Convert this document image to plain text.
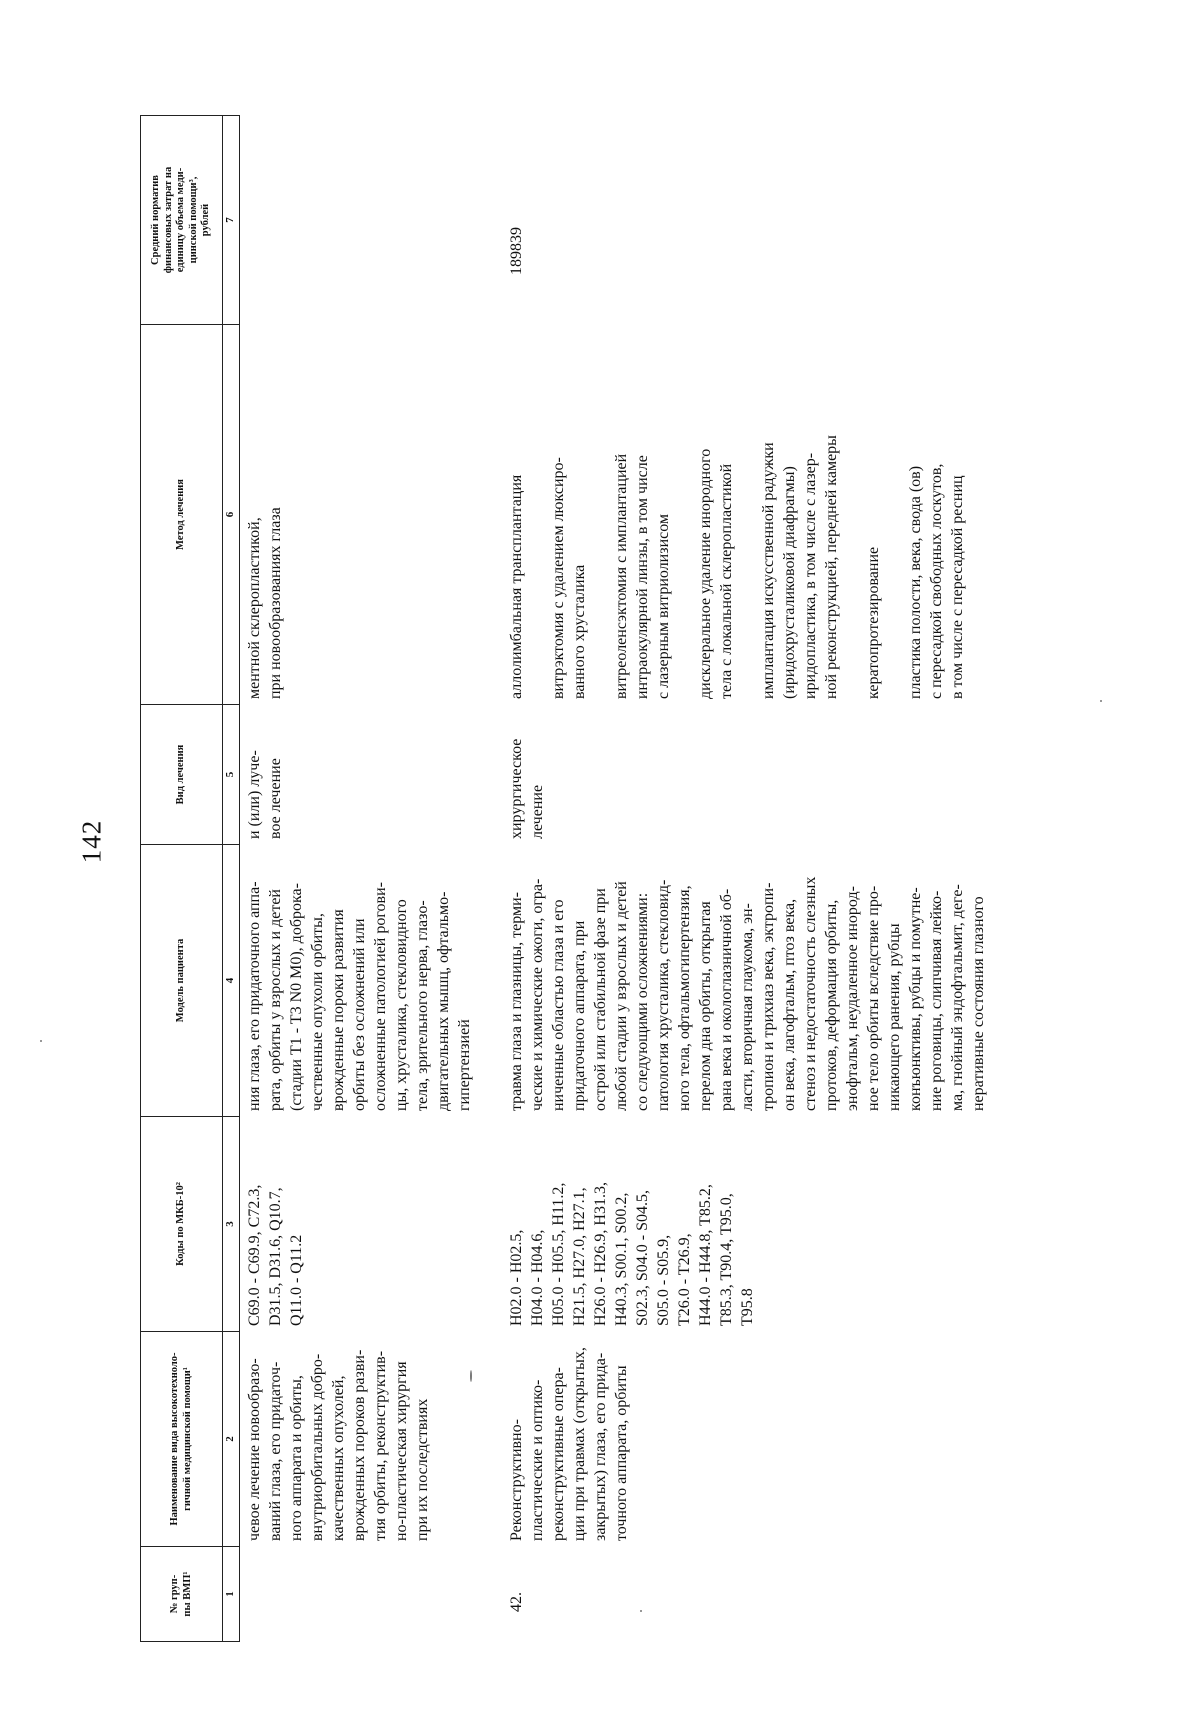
142
№ груп-
пы ВМП¹
Наименование вида высокотехноло-
гичной медицинской помощи¹
Коды по МКБ-10²
Модель пациента
Вид лечения
Метод лечения
Средний норматив
финансовых затрат на
единицу объема меди-
цинской помощи³,
рублей
1
2
3
4
5
6
7
чевое лечение новообразо-
ваний глаза, его придаточ-
ного аппарата и орбиты,
внутриорбитальных добро-
качественных опухолей,
врожденных пороков разви-
тия орбиты, реконструктив-
но-пластическая хирургия
при их последствиях
C69.0 - C69.9, C72.3,
D31.5, D31.6, Q10.7,
Q11.0 - Q11.2
ния глаза, его придаточного аппа-
рата, орбиты у взрослых и детей
(стадии T1 - T3 N0 M0), доброка-
чественные опухоли орбиты,
врожденные пороки развития
орбиты без осложнений или
осложненные патологией рогови-
цы, хрусталика, стекловидного
тела, зрительного нерва, глазо-
двигательных мышц, офтальмо-
гипертензией
и (или) луче-
вое лечение
ментной склеропластикой,
при новообразованиях глаза
42.
Реконструктивно-
пластические и оптико-
реконструктивные опера-
ции при травмах (открытых,
закрытых) глаза, его прида-
точного аппарата, орбиты
H02.0 - H02.5,
H04.0 - H04.6,
H05.0 - H05.5, H11.2,
H21.5, H27.0, H27.1,
H26.0 - H26.9, H31.3,
H40.3, S00.1, S00.2,
S02.3, S04.0 - S04.5,
S05.0 - S05.9,
T26.0 - T26.9,
H44.0 - H44.8, T85.2,
T85.3, T90.4, T95.0,
T95.8
травма глаза и глазницы, терми-
ческие и химические ожоги, огра-
ниченные областью глаза и его
придаточного аппарата, при
острой или стабильной фазе при
любой стадии у взрослых и детей
со следующими осложнениями:
патология хрусталика, стекловид-
ного тела, офтальмогипертензия,
перелом дна орбиты, открытая
рана века и окологлазничной об-
ласти, вторичная глаукома, эн-
тропион и трихиаз века, эктропи-
он века, лагофтальм, птоз века,
стеноз и недостаточность слезных
протоков, деформация орбиты,
энофтальм, неудаленное инород-
ное тело орбиты вследствие про-
никающего ранения, рубцы
конъюнктивы, рубцы и помутне-
ние роговицы, слипчивая лейко-
ма, гнойный эндофтальмит, деге-
неративные состояния глазного
хирургическое
лечение
аллолимбальная трансплантация витрэктомия с удалением люксиро-
ванного хрусталика витреоленсэктомия с имплантацией
интраокулярной линзы, в том числе
с лазерным витриолизисом
дисклеральное удаление инородного
тела с локальной склеропластикой
имплантация искусственной радужки
(иридохрусталиковой диафрагмы)
иридопластика, в том числе с лазер-
ной реконструкцией, передней камеры
кератопротезирование пластика полости, века, свода (ов)
с пересадкой свободных лоскутов,
в том числе с пересадкой ресниц
189839
